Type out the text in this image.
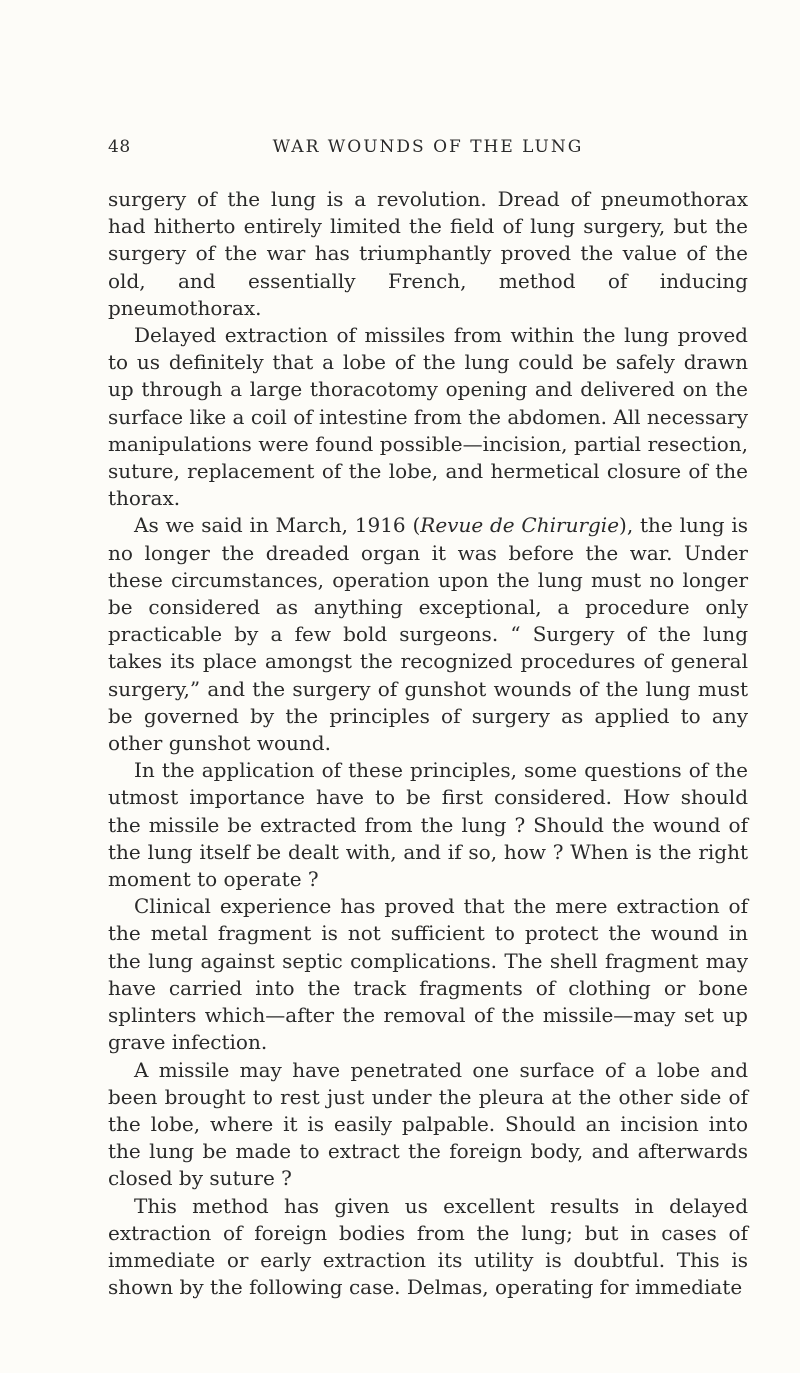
48	WAR WOUNDS OF THE LUNG

surgery of the lung is a revolution. Dread of pneumothorax had hitherto entirely limited the field of lung surgery, but the surgery of the war has triumphantly proved the value of the old, and essentially French, method of inducing pneumothorax.

Delayed extraction of missiles from within the lung proved to us definitely that a lobe of the lung could be safely drawn up through a large thoracotomy opening and delivered on the surface like a coil of intestine from the abdomen. All necessary manipulations were found possible—incision, partial resection, suture, replacement of the lobe, and hermetical closure of the thorax.

As we said in March, 1916 (Revue de Chirurgie), the lung is no longer the dreaded organ it was before the war. Under these circumstances, operation upon the lung must no longer be considered as anything exceptional, a procedure only practicable by a few bold surgeons. “ Surgery of the lung takes its place amongst the recognized procedures of general surgery,” and the surgery of gunshot wounds of the lung must be governed by the principles of surgery as applied to any other gunshot wound.

In the application of these principles, some questions of the utmost importance have to be first considered. How should the missile be extracted from the lung ? Should the wound of the lung itself be dealt with, and if so, how ? When is the right moment to operate ?

Clinical experience has proved that the mere extraction of the metal fragment is not sufficient to protect the wound in the lung against septic complications. The shell fragment may have carried into the track fragments of clothing or bone splinters which—after the removal of the missile—may set up grave infection.

A missile may have penetrated one surface of a lobe and been brought to rest just under the pleura at the other side of the lobe, where it is easily palpable. Should an incision into the lung be made to extract the foreign body, and afterwards closed by suture ?

This method has given us excellent results in delayed extraction of foreign bodies from the lung; but in cases of immediate or early extraction its utility is doubtful. This is shown by the following case. Delmas, operating for immediate
